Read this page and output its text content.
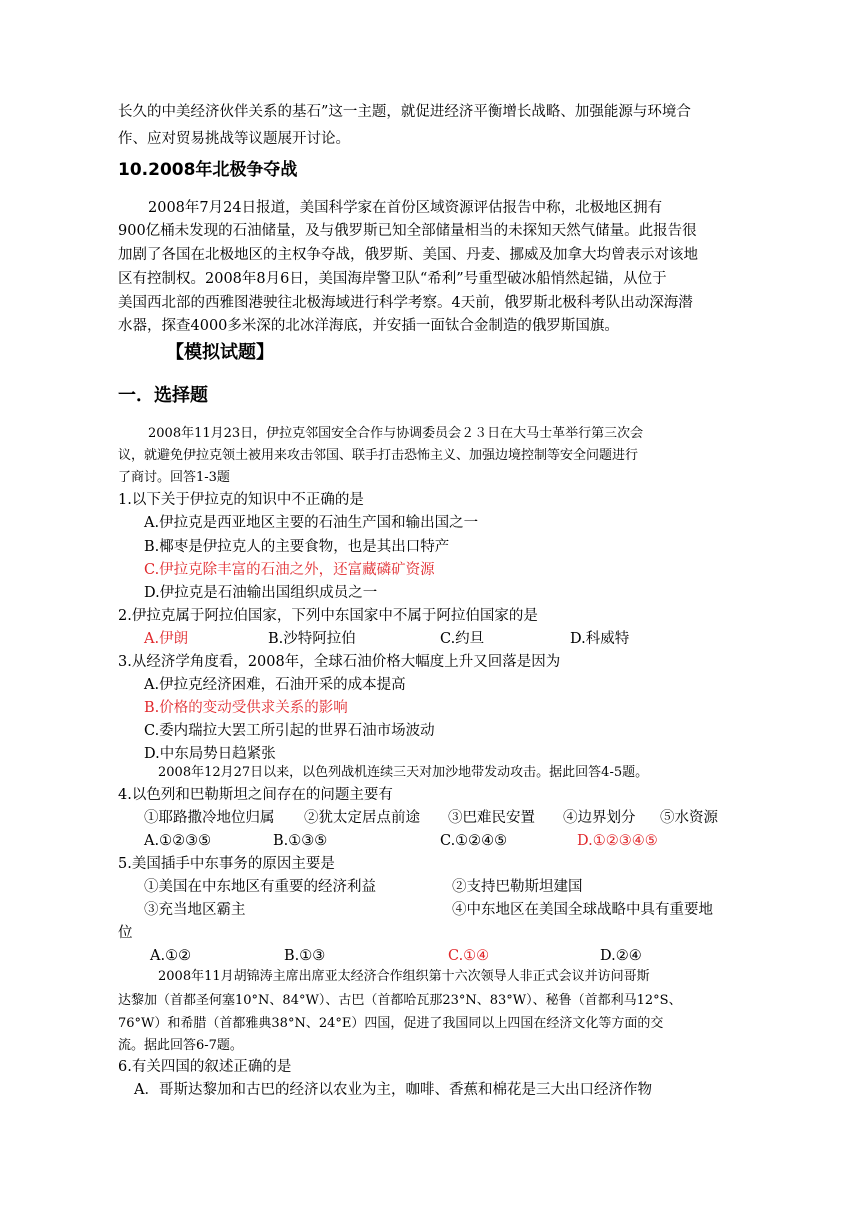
长久的中美经济伙伴关系的基石”这一主题，就促进经济平衡增长战略、加强能源与环境合
作、应对贸易挑战等议题展开讨论。
10.2008年北极争夺战
2008年7月24日报道，美国科学家在首份区域资源评估报告中称，北极地区拥有
900亿桶未发现的石油储量，及与俄罗斯已知全部储量相当的未探知天然气储量。此报告很
加剧了各国在北极地区的主权争夺战，俄罗斯、美国、丹麦、挪威及加拿大均曾表示对该地
区有控制权。2008年8月6日，美国海岸警卫队“希利”号重型破冰船悄然起锚，从位于
美国西北部的西雅图港驶往北极海域进行科学考察。4天前，俄罗斯北极科考队出动深海潜
水器，探查4000多米深的北冰洋海底，并安插一面钛合金制造的俄罗斯国旗。
【模拟试题】
一．选择题
2008年11月23日，伊拉克邻国安全合作与协调委员会２３日在大马士革举行第三次会
议，就避免伊拉克领土被用来攻击邻国、联手打击恐怖主义、加强边境控制等安全问题进行
了商讨。回答1-3题
1.以下关于伊拉克的知识中不正确的是
A.伊拉克是西亚地区主要的石油生产国和输出国之一
B.椰枣是伊拉克人的主要食物，也是其出口特产
C.伊拉克除丰富的石油之外，还富藏磷矿资源
D.伊拉克是石油输出国组织成员之一
2.伊拉克属于阿拉伯国家，下列中东国家中不属于阿拉伯国家的是
A.伊朗	B.沙特阿拉伯	C.约旦	D.科威特
3.从经济学角度看，2008年，全球石油价格大幅度上升又回落是因为
A.伊拉克经济困难，石油开采的成本提高
B.价格的变动受供求关系的影响
C.委内瑞拉大罢工所引起的世界石油市场波动
D.中东局势日趋紧张
2008年12月27日以来，以色列战机连续三天对加沙地带发动攻击。据此回答4-5题。
4.以色列和巴勒斯坦之间存在的问题主要有
①耶路撒冷地位归属 ②犹太定居点前途 ③巴难民安置 ④边界划分 ⑤水资源
A.①②③⑤	B.①③⑤	C.①②④⑤	D.①②③④⑤
5.美国插手中东事务的原因主要是
①美国在中东地区有重要的经济利益	②支持巴勒斯坦建国
③充当地区霸主	④中东地区在美国全球战略中具有重要地
位
A.①②	B.①③	C.①④	D.②④
2008年11月胡锦涛主席出席亚太经济合作组织第十六次领导人非正式会议并访问哥斯
达黎加（首都圣何塞10°N、84°W）、古巴（首都哈瓦那23°N、83°W）、秘鲁（首都利马12°S、
76°W）和希腊（首都雅典38°N、24°E）四国，促进了我国同以上四国在经济文化等方面的交
流。据此回答6-7题。
6.有关四国的叙述正确的是
A．哥斯达黎加和古巴的经济以农业为主，咖啡、香蕉和棉花是三大出口经济作物
